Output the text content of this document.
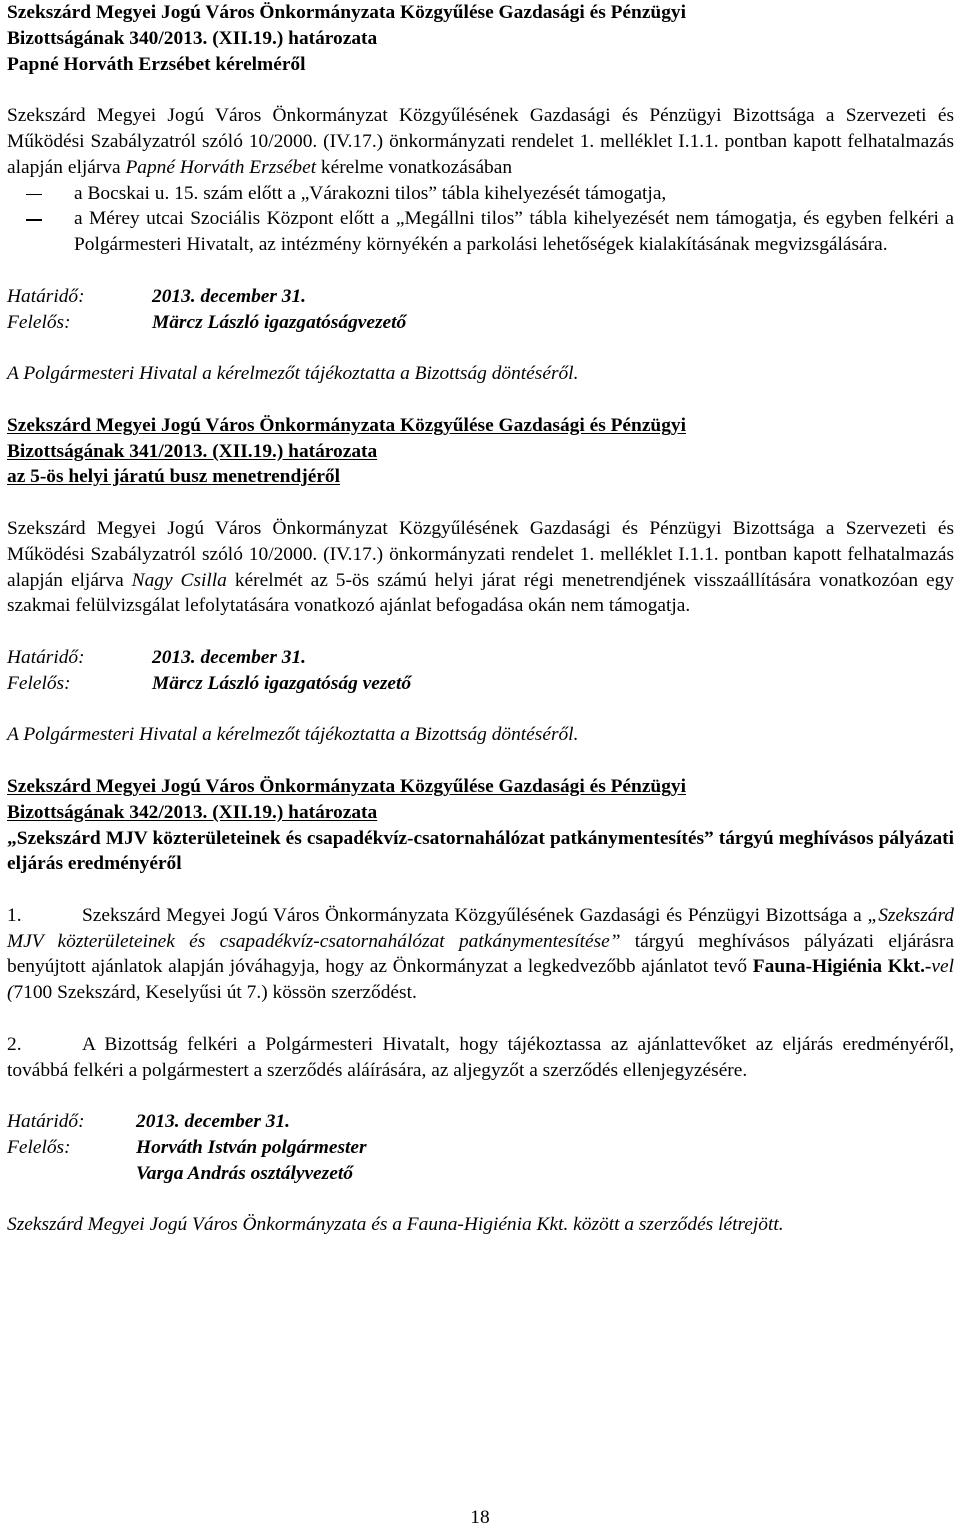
Szekszárd Megyei Jogú Város Önkormányzata Közgyűlése Gazdasági és Pénzügyi
Bizottságának 340/2013. (XII.19.) határozata

Papné Horváth Erzsébet kérelméről

Szekszárd Megyei Jogú Város Önkormányzat Közgyűlésének Gazdasági és Pénzügyi Bizottsága a Szervezeti és Működési Szabályzatról szóló 10/2000. (IV.17.) önkormányzati rendelet 1. melléklet I.1.1. pontban kapott felhatalmazás alapján eljárva Papné Horváth Erzsébet kérelme vonatkozásában

a Bocskai u. 15. szám előtt a „Várakozni tilos” tábla kihelyezését támogatja,
a Mérey utcai Szociális Központ előtt a „Megállni tilos” tábla kihelyezését nem támogatja, és egyben felkéri a Polgármesteri Hivatalt, az intézmény környékén a parkolási lehetőségek kialakításának megvizsgálására.
Határidő:	2013. december 31.
Felelős:	Märcz László igazgatóságvezető

A Polgármesteri Hivatal a kérelmezőt tájékoztatta a Bizottság döntéséről.

Szekszárd Megyei Jogú Város Önkormányzata Közgyűlése Gazdasági és Pénzügyi
Bizottságának 341/2013. (XII.19.) határozata

az 5-ös helyi járatú busz menetrendjéről

Szekszárd Megyei Jogú Város Önkormányzat Közgyűlésének Gazdasági és Pénzügyi Bizottsága a Szervezeti és Működési Szabályzatról szóló 10/2000. (IV.17.) önkormányzati rendelet 1. melléklet I.1.1. pontban kapott felhatalmazás alapján eljárva Nagy Csilla kérelmét az 5-ös számú helyi járat régi menetrendjének visszaállítására vonatkozóan egy szakmai felülvizsgálat lefolytatására vonatkozó ajánlat befogadása okán nem támogatja.

Határidő:	2013. december 31.
Felelős:	Märcz László igazgatóság vezető

A Polgármesteri Hivatal a kérelmezőt tájékoztatta a Bizottság döntéséről.

Szekszárd Megyei Jogú Város Önkormányzata Közgyűlése Gazdasági és Pénzügyi
Bizottságának 342/2013. (XII.19.) határozata

„Szekszárd MJV közterületeinek és csapadékvíz-csatornahálózat patkánymentesítés” tárgyú meghívásos pályázati eljárás eredményéről

1.	Szekszárd Megyei Jogú Város Önkormányzata Közgyűlésének Gazdasági és Pénzügyi Bizottsága a „Szekszárd MJV közterületeinek és csapadékvíz-csatornahálózat patkánymentesítése” tárgyú meghívásos pályázati eljárásra benyújtott ajánlatok alapján jóváhagyja, hogy az Önkormányzat a legkedvezőbb ajánlatot tevő Fauna-Higiénia Kkt.-vel (7100 Szekszárd, Keselyűsi út 7.) kössön szerződést.

2.	A Bizottság felkéri a Polgármesteri Hivatalt, hogy tájékoztassa az ajánlattevőket az eljárás eredményéről, továbbá felkéri a polgármestert a szerződés aláírására, az aljegyzőt a szerződés ellenjegyzésére.

Határidő:	2013. december 31.
Felelős:	Horváth István polgármester
Varga András osztályvezető

Szekszárd Megyei Jogú Város Önkormányzata és a Fauna-Higiénia Kkt. között a szerződés létrejött.

18
